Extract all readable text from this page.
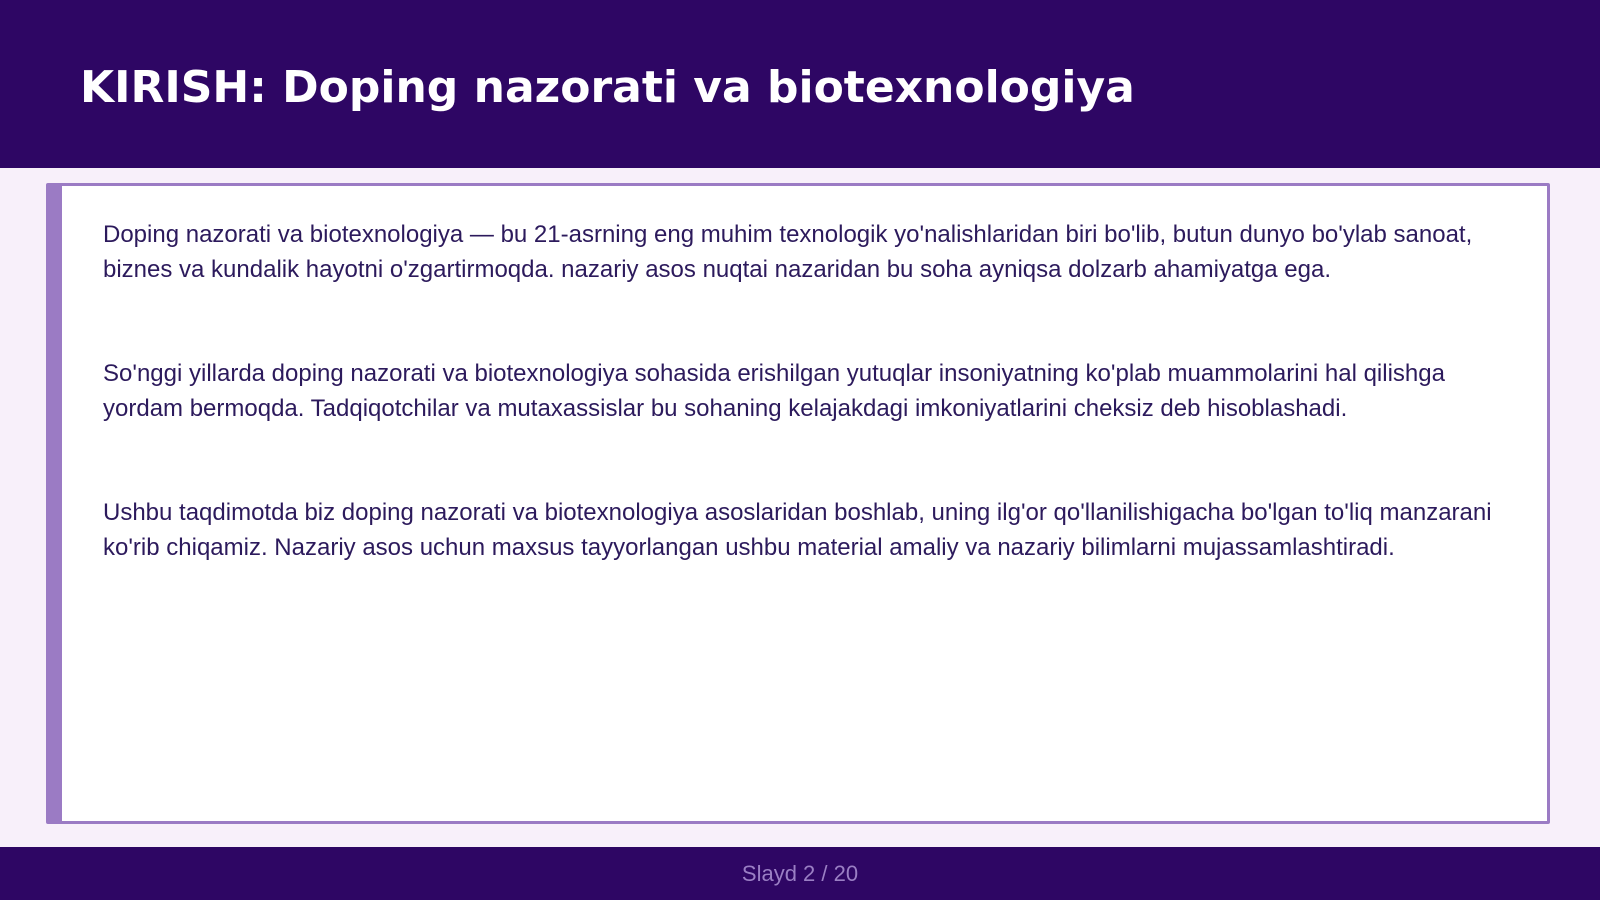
KIRISH: Doping nazorati va biotexnologiya

Doping nazorati va biotexnologiya — bu 21-asrning eng muhim texnologik yo'nalishlaridan biri bo'lib, butun dunyo bo'ylab sanoat, biznes va kundalik hayotni o'zgartirmoqda. nazariy asos nuqtai nazaridan bu soha ayniqsa dolzarb ahamiyatga ega.

So'nggi yillarda doping nazorati va biotexnologiya sohasida erishilgan yutuqlar insoniyatning ko'plab muammolarini hal qilishga yordam bermoqda. Tadqiqotchilar va mutaxassislar bu sohaning kelajakdagi imkoniyatlarini cheksiz deb hisoblashadi.

Ushbu taqdimotda biz doping nazorati va biotexnologiya asoslaridan boshlab, uning ilg'or qo'llanilishigacha bo'lgan to'liq manzarani ko'rib chiqamiz. Nazariy asos uchun maxsus tayyorlangan ushbu material amaliy va nazariy bilimlarni mujassamlashtiradi.

Slayd 2 / 20
